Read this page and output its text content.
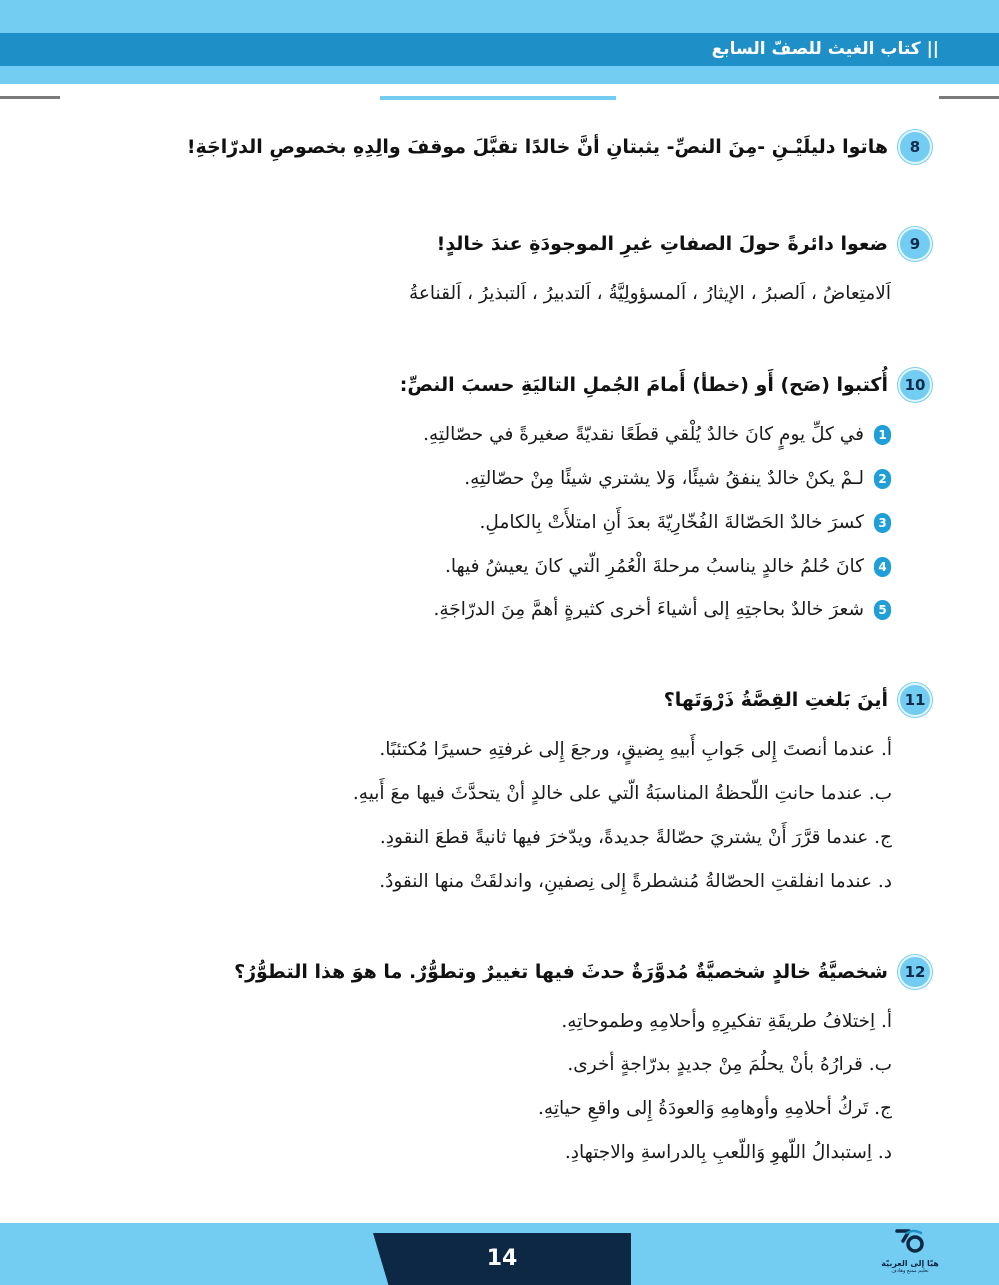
|| كتاب الغيث للصفّ السابع
8
هاتوا دليلَيْـنِ -مِنَ النصِّ- يثبتانِ أنَّ خالدًا تقبَّلَ موقفَ والِدِهِ بخصوصِ الدرّاجَةِ!
9
ضعوا دائرةً حولَ الصفاتِ غيرِ الموجودَةِ عندَ خالدٍ!
اَلامتِعاضُ ، اَلصبرُ ، الإيثارُ ، اَلمسؤولِيَّةُ ، اَلتدبيرُ ، اَلتبذيرُ ، اَلقناعةُ
10
أُكتبوا (صَح) أَو (خطأ) أَمامَ الجُملِ التاليَةِ حسبَ النصِّ:
1
في كلِّ يومٍ كانَ خالدٌ يُلْقي قطَعًا نقديّةً صغيرةً في حصّالتِهِ.
2
لـمْ يكنْ خالدٌ ينفقُ شيئًا، وَلا يشتري شيئًا مِنْ حصّالتِهِ.
3
كسرَ خالدٌ الحَصّالةَ الفُخّارِيّةَ بعدَ أَنِ امتلأَتْ بِالكاملِ.
4
كانَ حُلمُ خالدٍ يناسبُ مرحلةَ الْعُمُرِ الّتي كانَ يعيشُ فيها.
5
شعرَ خالدٌ بحاجتِهِ إلى أشياءَ أخرى كثيرةٍ أهمَّ مِنَ الدرّاجَةِ.
11
أينَ بَلغتِ القِصَّةُ ذَرْوَتَها؟
أ. عندما أنصتَ إِلى جَوابِ أَبيهِ بِضيقٍ، ورجعَ إِلى غرفتِهِ حسيرًا مُكتئبًا.
ب. عندما حانتِ اللّحظةُ المناسبَةُ الّتي على خالدٍ أنْ يتحدَّثَ فيها معَ أَبيهِ.
ج. عندما قرَّرَ أَنْ يشتريَ حصّالةً جديدةً، ويدّخرَ فيها ثانيةً قطعَ النقودِ.
د. عندما انفلقتِ الحصّالةُ مُنشطرةً إِلى نِصفينِ، واندلقَتْ منها النقودُ.
12
شخصيَّةُ خالدٍ شخصيَّةٌ مُدوَّرَةٌ حدثَ فيها تغييرٌ وتطوُّرٌ. ما هوَ هذا التطوُّرُ؟
أ. اِختلافُ طريقَةِ تفكيرِهِ وأحلامِهِ وطموحاتِهِ.
ب. قرارُهُ بأنْ يحلُمَ مِنْ جديدٍ بدرّاجةٍ أخرى.
ج. تَركُ أحلامِهِ وأوهامِهِ وَالعودَةُ إِلى واقعِ حياتِهِ.
د. اِستبدالُ اللّهوِ وَاللّعبِ بِالدراسةِ والاجتهادِ.
14	هيّا إلى العربيّة
تعليم ممتع وهادف
